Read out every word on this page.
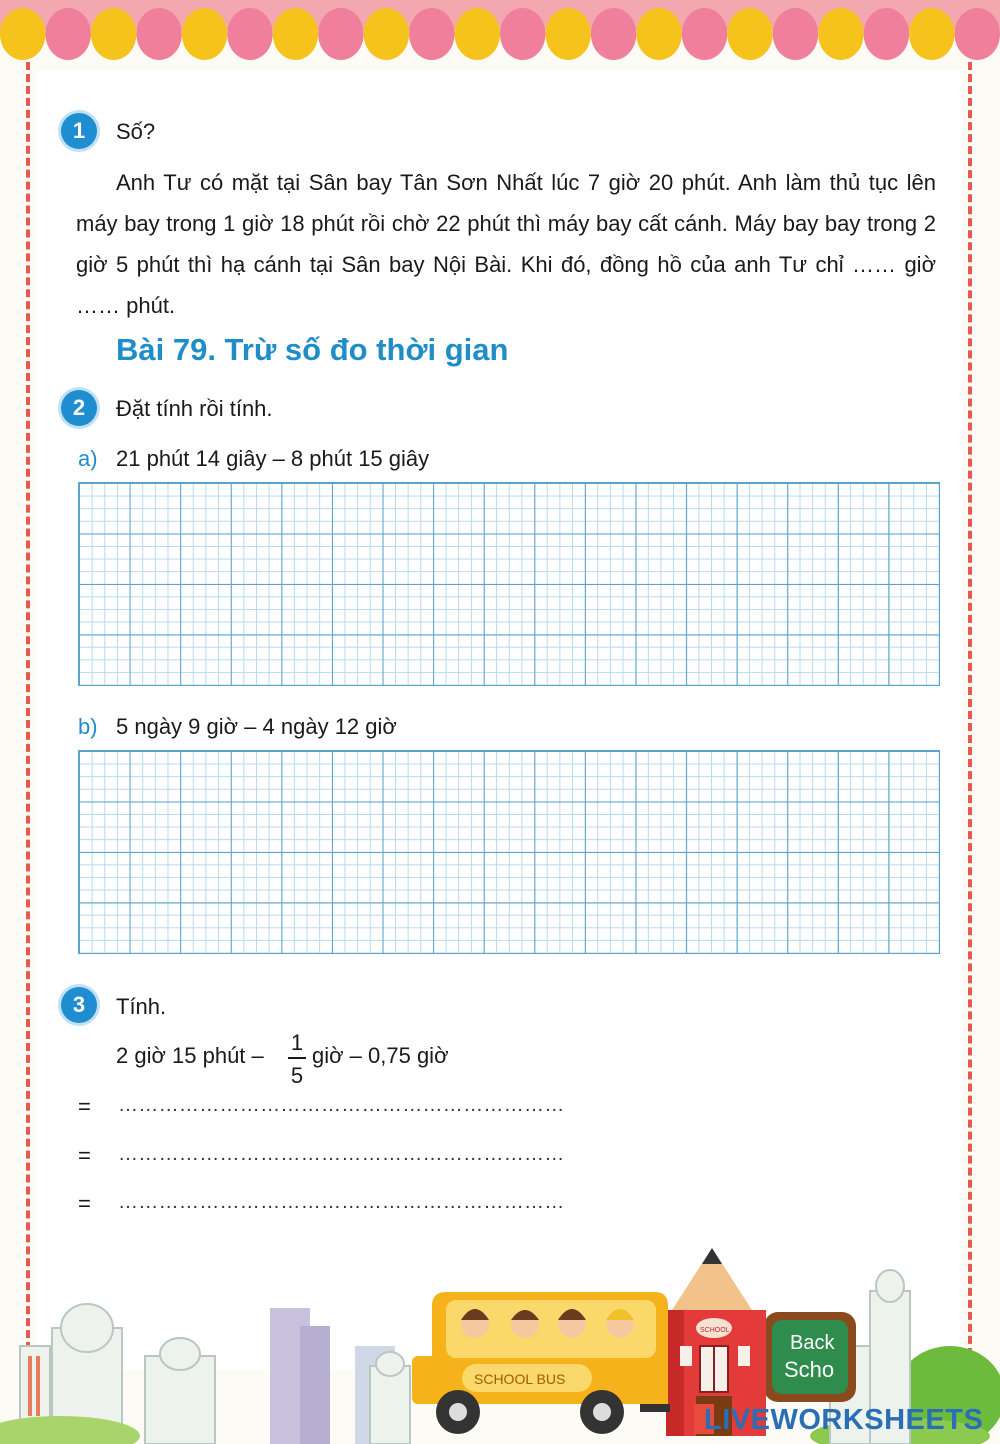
1	Số?

Anh Tư có mặt tại Sân bay Tân Sơn Nhất lúc 7 giờ 20 phút. Anh làm thủ tục lên máy bay trong 1 giờ 18 phút rồi chờ 22 phút thì máy bay cất cánh. Máy bay bay trong 2 giờ 5 phút thì hạ cánh tại Sân bay Nội Bài. Khi đó, đồng hồ của anh Tư chỉ …… giờ …… phút.

Bài 79. Trừ số đo thời gian
2	Đặt tính rồi tính.
a) 21 phút 14 giây – 8 phút 15 giây
b) 5 ngày 9 giờ – 4 ngày 12 giờ
3	Tính.
2 giờ 15 phút –
1
5
giờ – 0,75 giờ
= …………………………………………………………
= …………………………………………………………
= …………………………………………………………
Back
Scho
SCHOOL
SCHOOL BUS
LIVEWORKSHEETS
